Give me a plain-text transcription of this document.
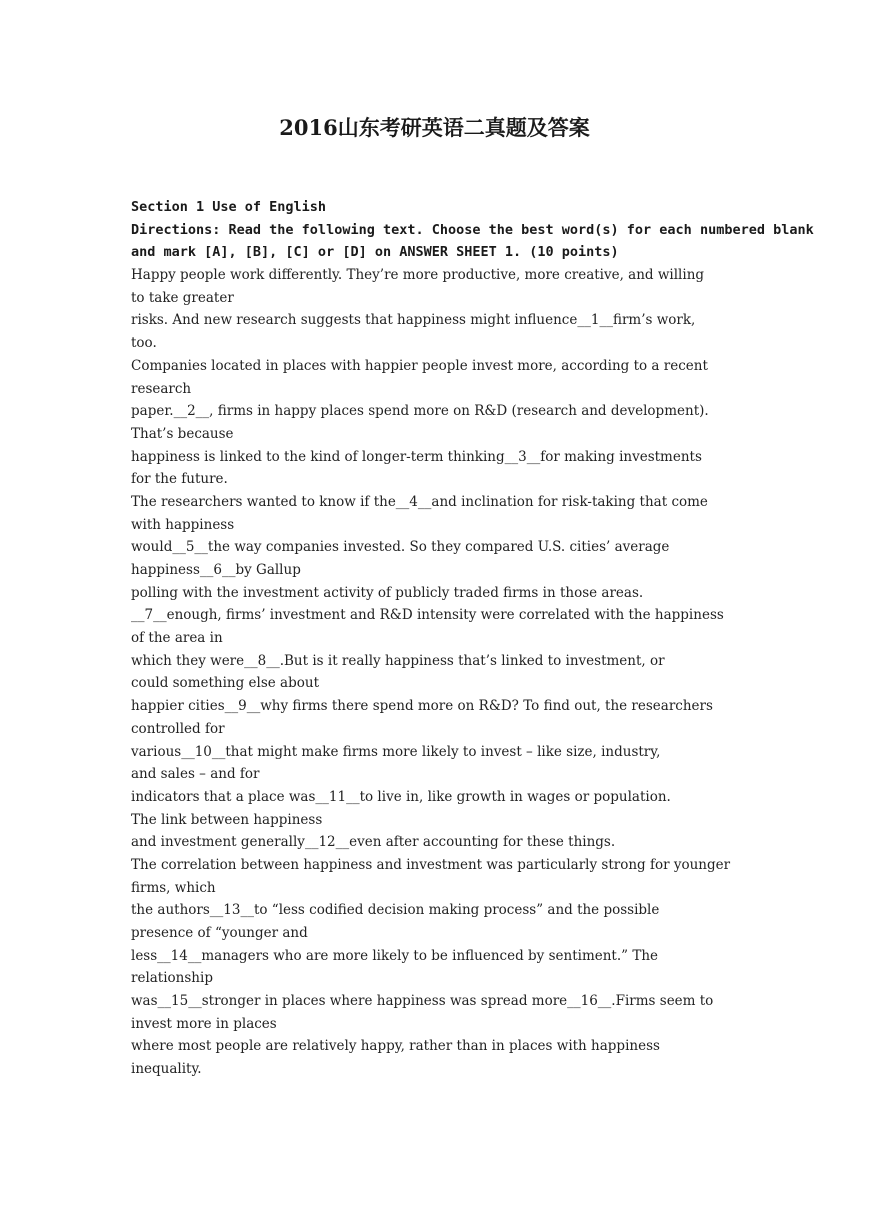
2016山东考研英语二真题及答案
Section 1 Use of English
Directions: Read the following text. Choose the best word(s) for each numbered blank
and mark [A], [B], [C] or [D] on ANSWER SHEET 1. (10 points)
Happy people work differently. They’re more productive, more creative, and willing
to take greater
risks. And new research suggests that happiness might influence__1__firm’s work,
too.
Companies located in places with happier people invest more, according to a recent
research
paper.__2__, firms in happy places spend more on R&D (research and development).
That’s because
happiness is linked to the kind of longer-term thinking__3__for making investments
for the future.
The researchers wanted to know if the__4__and inclination for risk-taking that come
with happiness
would__5__the way companies invested. So they compared U.S. cities’ average
happiness__6__by Gallup
polling with the investment activity of publicly traded firms in those areas.
__7__enough, firms’ investment and R&D intensity were correlated with the happiness
of the area in
which they were__8__.But is it really happiness that’s linked to investment, or
could something else about
happier cities__9__why firms there spend more on R&D? To find out, the researchers
controlled for
various__10__that might make firms more likely to invest – like size, industry,
and sales – and for
indicators that a place was__11__to live in, like growth in wages or population.
The link between happiness
and investment generally__12__even after accounting for these things.
The correlation between happiness and investment was particularly strong for younger
firms, which
the authors__13__to “less codified decision making process” and the possible
presence of “younger and
less__14__managers who are more likely to be influenced by sentiment.” The
relationship
was__15__stronger in places where happiness was spread more__16__.Firms seem to
invest more in places
where most people are relatively happy, rather than in places with happiness
inequality.
